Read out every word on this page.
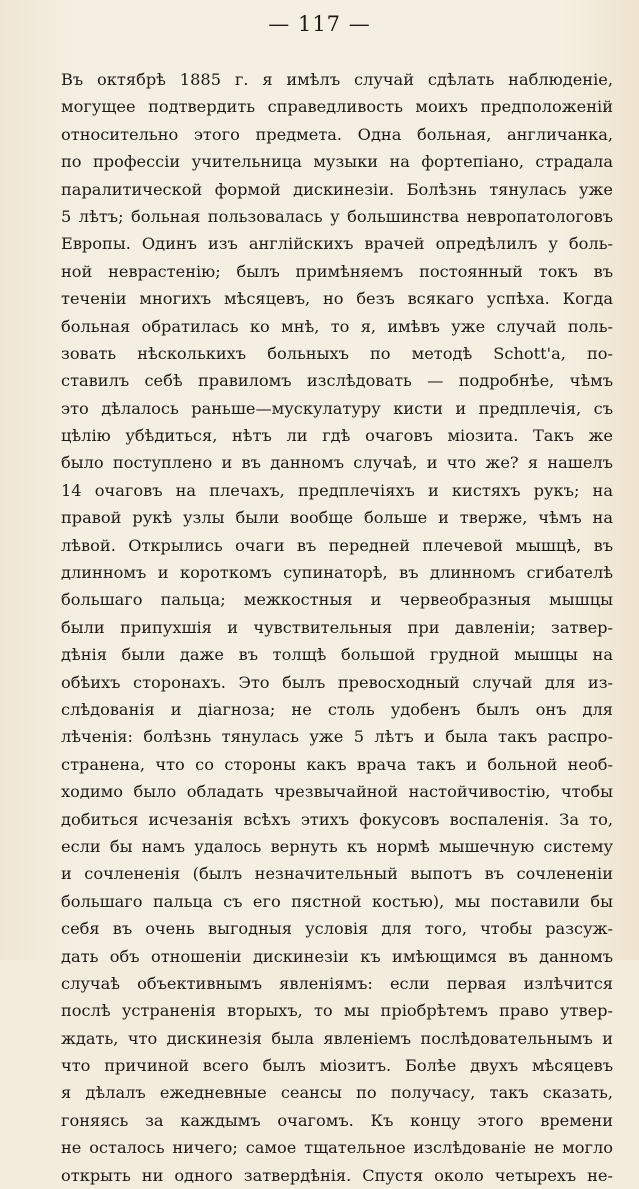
— 117 —
Въ октябрѣ 1885 г. я имѣлъ случай сдѣлать наблюденіе,
могущее подтвердить справедливость моихъ предположеній
относительно этого предмета. Одна больная, англичанка,
по профессіи учительница музыки на фортепіано, страдала
паралитической формой дискинезіи. Болѣзнь тянулась уже
5 лѣтъ; больная пользовалась у большинства невропатологовъ
Европы. Одинъ изъ англійскихъ врачей опредѣлилъ у боль-
ной неврастенію; былъ примѣняемъ постоянный токъ въ
теченіи многихъ мѣсяцевъ, но безъ всякаго успѣха. Когда
больная обратилась ко мнѣ, то я, имѣвъ уже случай поль-
зовать нѣсколькихъ больныхъ по методѣ Schott'а, по-
ставилъ себѣ правиломъ изслѣдовать — подробнѣе, чѣмъ
это дѣлалось раньше—мускулатуру кисти и предплечія, съ
цѣлію убѣдиться, нѣтъ ли гдѣ очаговъ міозита. Такъ же
было поступлено и въ данномъ случаѣ, и что же? я нашелъ
14 очаговъ на плечахъ, предплечіяхъ и кистяхъ рукъ; на
правой рукѣ узлы были вообще больше и тверже, чѣмъ на
лѣвой. Открылись очаги въ передней плечевой мышцѣ, въ
длинномъ и короткомъ супинаторѣ, въ длинномъ сгибателѣ
большаго пальца; межкостныя и червеобразныя мышцы
были припухшія и чувствительныя при давленіи; затвер-
дѣнія были даже въ толщѣ большой грудной мышцы на
обѣихъ сторонахъ. Это былъ превосходный случай для из-
слѣдованія и діагноза; не столь удобенъ былъ онъ для
лѣченія: болѣзнь тянулась уже 5 лѣтъ и была такъ распро-
странена, что со стороны какъ врача такъ и больной необ-
ходимо было обладать чрезвычайной настойчивостію, чтобы
добиться исчезанія всѣхъ этихъ фокусовъ воспаленія. За то,
если бы намъ удалось вернуть къ нормѣ мышечную систему
и сочлененія (былъ незначительный выпотъ въ сочлененіи
большаго пальца съ его пястной костью), мы поставили бы
себя въ очень выгодныя условія для того, чтобы разсуж-
дать объ отношеніи дискинезіи къ имѣющимся въ данномъ
случаѣ объективнымъ явленіямъ: если первая излѣчится
послѣ устраненія вторыхъ, то мы пріобрѣтемъ право утвер-
ждать, что дискинезія была явленіемъ послѣдовательнымъ и
что причиной всего былъ міозитъ. Болѣе двухъ мѣсяцевъ
я дѣлалъ ежедневные сеансы по получасу, такъ сказать,
гоняясь за каждымъ очагомъ. Къ концу этого времени
не осталось ничего; самое тщательное изслѣдованіе не могло
открыть ни одного затвердѣнія. Спустя около четырехъ не-
